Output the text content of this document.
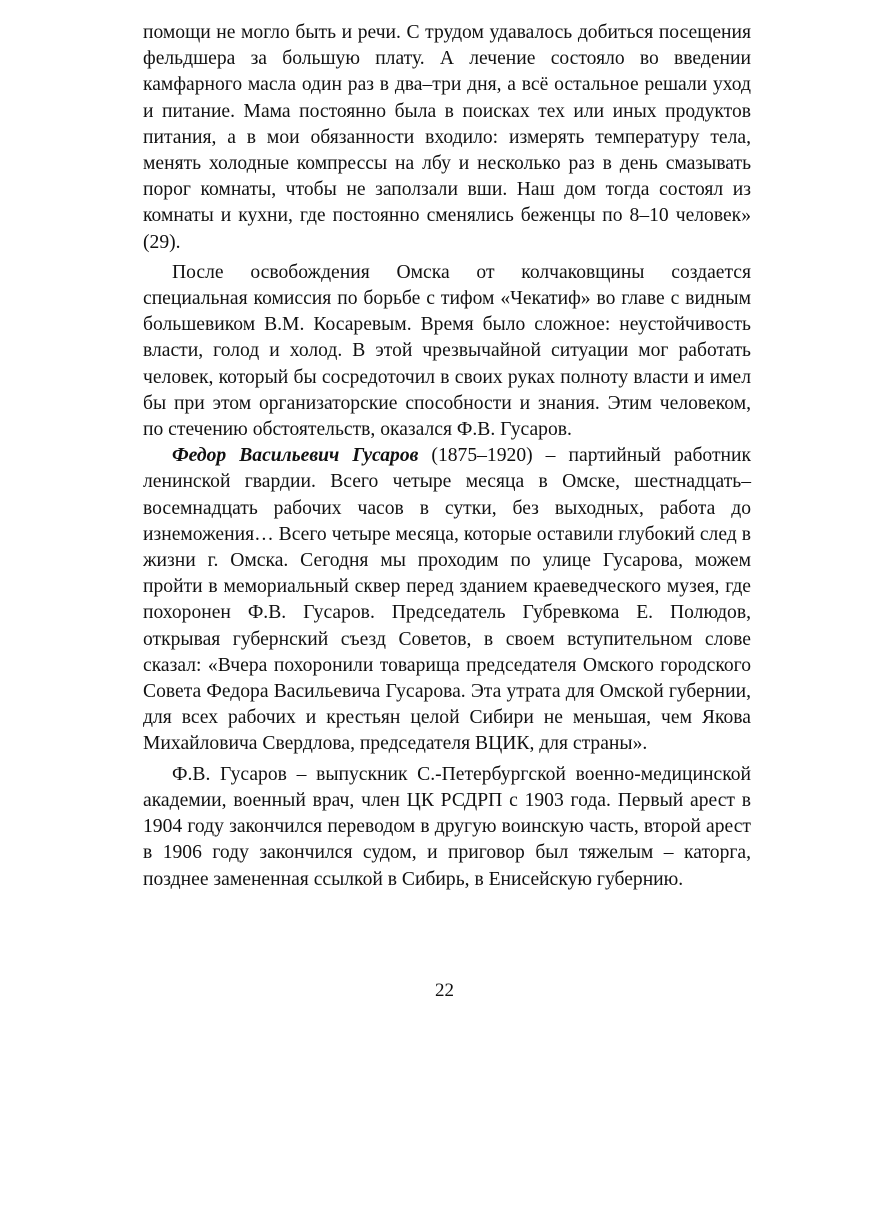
помощи не могло быть и речи. С трудом удавалось добиться посещения фельдшера за большую плату. А лечение состояло во введении камфарного масла один раз в два–три дня, а всё остальное решали уход и питание. Мама постоянно была в поисках тех или иных продуктов питания, а в мои обязанности входило: измерять температуру тела, менять холодные компрессы на лбу и несколько раз в день смазывать порог комнаты, чтобы не заползали вши. Наш дом тогда состоял из комнаты и кухни, где постоянно сменялись беженцы по 8–10 человек» (29).

После освобождения Омска от колчаковщины создается специальная комиссия по борьбе с тифом «Чекатиф» во главе с видным большевиком В.М. Косаревым. Время было сложное: неустойчивость власти, голод и холод. В этой чрезвычайной ситуации мог работать человек, который бы сосредоточил в своих руках полноту власти и имел бы при этом организаторские способности и знания. Этим человеком, по стечению обстоятельств, оказался Ф.В. Гусаров.

Федор Васильевич Гусаров (1875–1920) – партийный работник ленинской гвардии. Всего четыре месяца в Омске, шестнадцать–восемнадцать рабочих часов в сутки, без выходных, работа до изнеможения… Всего четыре месяца, которые оставили глубокий след в жизни г. Омска. Сегодня мы проходим по улице Гусарова, можем пройти в мемориальный сквер перед зданием краеведческого музея, где похоронен Ф.В. Гусаров. Председатель Губревкома Е. Полюдов, открывая губернский съезд Советов, в своем вступительном слове сказал: «Вчера похоронили товарища председателя Омского городского Совета Федора Васильевича Гусарова. Эта утрата для Омской губернии, для всех рабочих и крестьян целой Сибири не меньшая, чем Якова Михайловича Свердлова, председателя ВЦИК, для страны».

Ф.В. Гусаров – выпускник С.-Петербургской военно-медицинской академии, военный врач, член ЦК РСДРП с 1903 года. Первый арест в 1904 году закончился переводом в другую воинскую часть, второй арест в 1906 году закончился судом, и приговор был тяжелым – каторга, позднее замененная ссылкой в Сибирь, в Енисейскую губернию.

22
